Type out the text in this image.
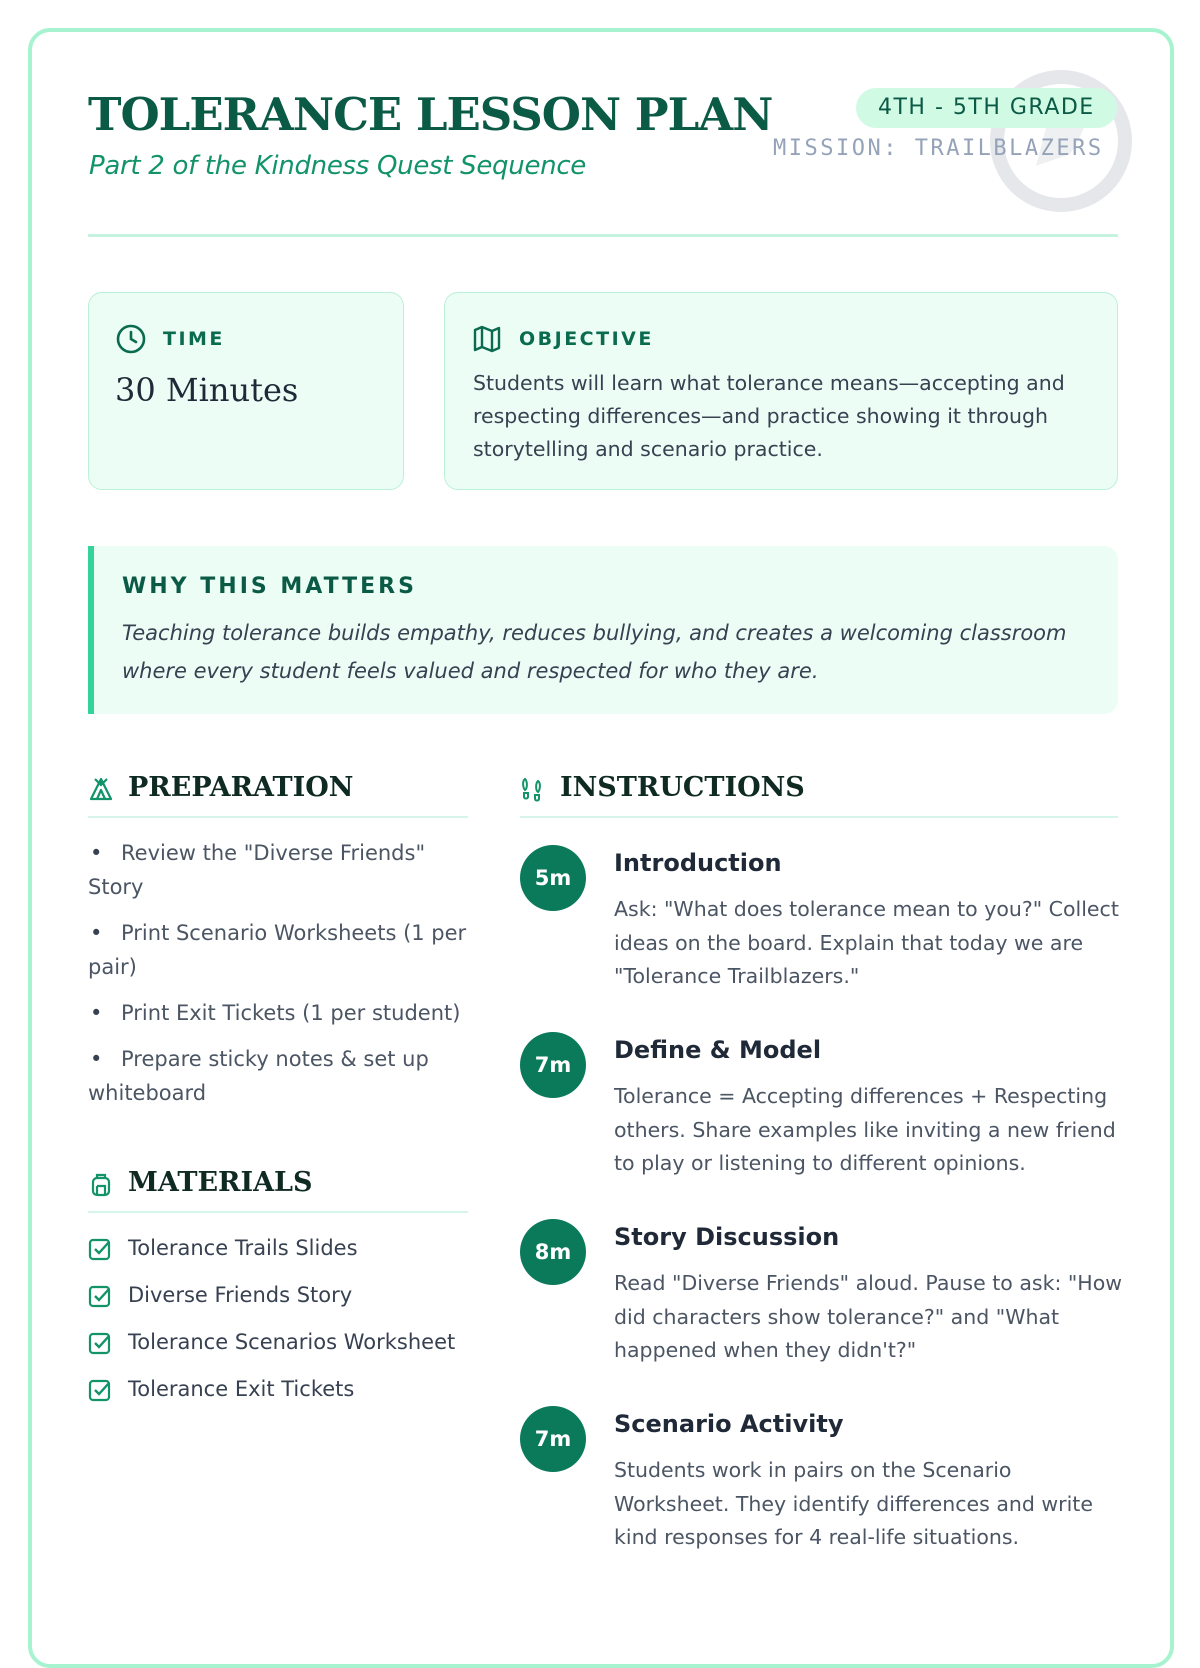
TOLERANCE LESSON PLAN
Part 2 of the Kindness Quest Sequence
4TH - 5TH GRADE
MISSION: TRAILBLAZERS
TIME
30 Minutes
OBJECTIVE
Students will learn what tolerance means—accepting and respecting differences—and practice showing it through storytelling and scenario practice.
WHY THIS MATTERS
Teaching tolerance builds empathy, reduces bullying, and creates a welcoming classroom where every student feels valued and respected for who they are.
PREPARATION
• Review the "Diverse Friends" Story
• Print Scenario Worksheets (1 per pair)
• Print Exit Tickets (1 per student)
• Prepare sticky notes & set up whiteboard
MATERIALS
Tolerance Trails Slides
Diverse Friends Story
Tolerance Scenarios Worksheet
Tolerance Exit Tickets
INSTRUCTIONS
5m
Introduction
Ask: "What does tolerance mean to you?" Collect ideas on the board. Explain that today we are "Tolerance Trailblazers."
7m
Define & Model
Tolerance = Accepting differences + Respecting others. Share examples like inviting a new friend to play or listening to different opinions.
8m
Story Discussion
Read "Diverse Friends" aloud. Pause to ask: "How did characters show tolerance?" and "What happened when they didn't?"
7m
Scenario Activity
Students work in pairs on the Scenario Worksheet. They identify differences and write kind responses for 4 real-life situations.
